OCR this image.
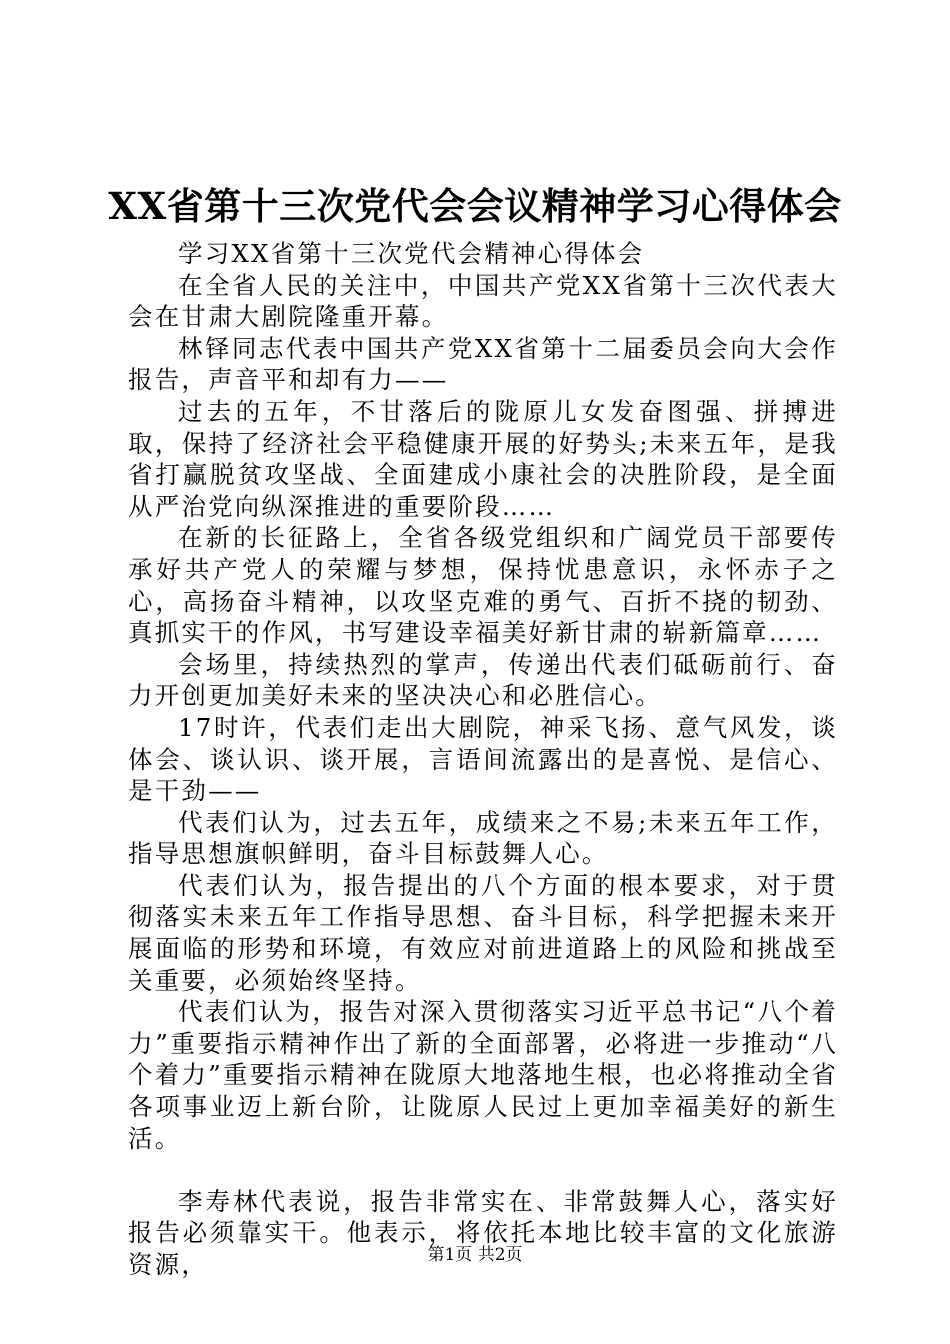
XX省第十三次党代会会议精神学习心得体会

学习XX省第十三次党代会精神心得体会

在全省人民的关注中，中国共产党XX省第十三次代表大会在甘肃大剧院隆重开幕。

林铎同志代表中国共产党XX省第十二届委员会向大会作报告，声音平和却有力——

过去的五年，不甘落后的陇原儿女发奋图强、拼搏进取，保持了经济社会平稳健康开展的好势头;未来五年，是我省打赢脱贫攻坚战、全面建成小康社会的决胜阶段，是全面从严治党向纵深推进的重要阶段……

在新的长征路上，全省各级党组织和广阔党员干部要传承好共产党人的荣耀与梦想，保持忧患意识，永怀赤子之心，高扬奋斗精神，以攻坚克难的勇气、百折不挠的韧劲、真抓实干的作风，书写建设幸福美好新甘肃的崭新篇章……

会场里，持续热烈的掌声，传递出代表们砥砺前行、奋力开创更加美好未来的坚决决心和必胜信心。

17时许，代表们走出大剧院，神采飞扬、意气风发，谈体会、谈认识、谈开展，言语间流露出的是喜悦、是信心、是干劲——

代表们认为，过去五年，成绩来之不易;未来五年工作，指导思想旗帜鲜明，奋斗目标鼓舞人心。

代表们认为，报告提出的八个方面的根本要求，对于贯彻落实未来五年工作指导思想、奋斗目标，科学把握未来开展面临的形势和环境，有效应对前进道路上的风险和挑战至关重要，必须始终坚持。

代表们认为，报告对深入贯彻落实习近平总书记“八个着力”重要指示精神作出了新的全面部署，必将进一步推动“八个着力”重要指示精神在陇原大地落地生根，也必将推动全省各项事业迈上新台阶，让陇原人民过上更加幸福美好的新生活。

李寿林代表说，报告非常实在、非常鼓舞人心，落实好报告必须靠实干。他表示，将依托本地比较丰富的文化旅游资源，	第1页 共2页
